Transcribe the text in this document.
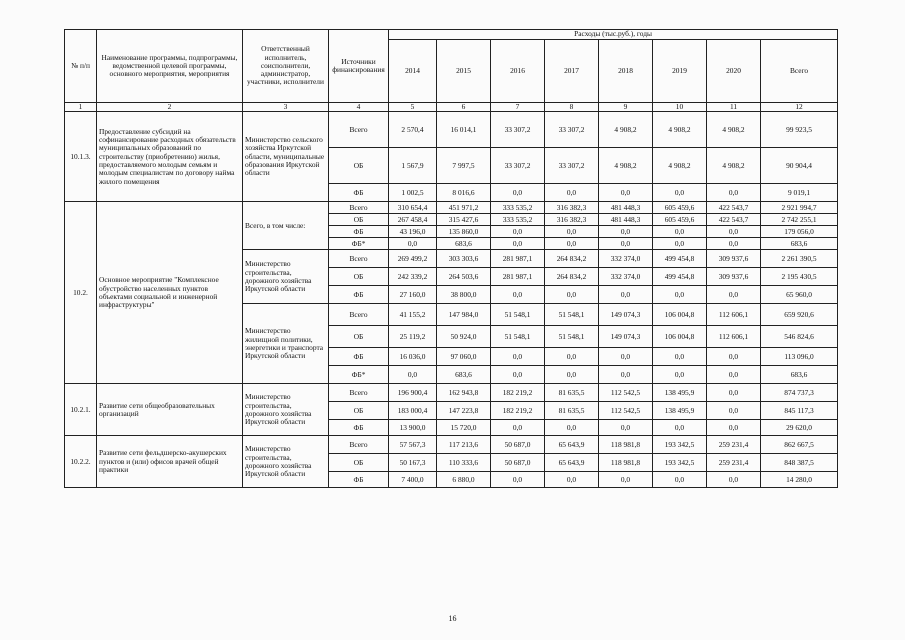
№ п/п	Наименование программы, подпрограммы, ведомственной целевой программы, основного мероприятия, мероприятия	Ответственный исполнитель, соисполнители, администратор, участники, исполнители	Источники финансирования	Расходы (тыс.руб.), годы							
				2014	2015	2016	2017	2018	2019	2020	Всего
1	2	3	4	5	6	7	8	9	10	11	12
10.1.3.	Предоставление субсидий на софинансирование расходных обязательств муниципальных образований по строительству (приобретению) жилья, предоставляемого молодым семьям и молодым специалистам по договору найма жилого помещения	Министерство сельского хозяйства Иркутской области, муниципальные образования Иркутской области	Всего	2 570,4	16 014,1	33 307,2	33 307,2	4 908,2	4 908,2	4 908,2	99 923,5
			ОБ	1 567,9	7 997,5	33 307,2	33 307,2	4 908,2	4 908,2	4 908,2	90 904,4
			ФБ	1 002,5	8 016,6	0,0	0,0	0,0	0,0	0,0	9 019,1
10.2.	Основное мероприятие "Комплексное обустройство населенных пунктов объектами социальной и инженерной инфраструктуры"	Всего, в том числе:	Всего	310 654,4	451 971,2	333 535,2	316 382,3	481 448,3	605 459,6	422 543,7	2 921 994,7
			ОБ	267 458,4	315 427,6	333 535,2	316 382,3	481 448,3	605 459,6	422 543,7	2 742 255,1
			ФБ	43 196,0	135 860,0	0,0	0,0	0,0	0,0	0,0	179 056,0
			ФБ*	0,0	683,6	0,0	0,0	0,0	0,0	0,0	683,6
		Министерство строительства, дорожного хозяйства Иркутской области	Всего	269 499,2	303 303,6	281 987,1	264 834,2	332 374,0	499 454,8	309 937,6	2 261 390,5
			ОБ	242 339,2	264 503,6	281 987,1	264 834,2	332 374,0	499 454,8	309 937,6	2 195 430,5
			ФБ	27 160,0	38 800,0	0,0	0,0	0,0	0,0	0,0	65 960,0
		Министерство жилищной политики, энергетики и транспорта Иркутской области	Всего	41 155,2	147 984,0	51 548,1	51 548,1	149 074,3	106 004,8	112 606,1	659 920,6
			ОБ	25 119,2	50 924,0	51 548,1	51 548,1	149 074,3	106 004,8	112 606,1	546 824,6
			ФБ	16 036,0	97 060,0	0,0	0,0	0,0	0,0	0,0	113 096,0
			ФБ*	0,0	683,6	0,0	0,0	0,0	0,0	0,0	683,6
10.2.1.	Развитие сети общеобразовательных организаций	Министерство строительства, дорожного хозяйства Иркутской области	Всего	196 900,4	162 943,8	182 219,2	81 635,5	112 542,5	138 495,9	0,0	874 737,3
			ОБ	183 000,4	147 223,8	182 219,2	81 635,5	112 542,5	138 495,9	0,0	845 117,3
			ФБ	13 900,0	15 720,0	0,0	0,0	0,0	0,0	0,0	29 620,0
10.2.2.	Развитие сети фельдшерско-акушерских пунктов и (или) офисов врачей общей практики	Министерство строительства, дорожного хозяйства Иркутской области	Всего	57 567,3	117 213,6	50 687,0	65 643,9	118 981,8	193 342,5	259 231,4	862 667,5
			ОБ	50 167,3	110 333,6	50 687,0	65 643,9	118 981,8	193 342,5	259 231,4	848 387,5
			ФБ	7 400,0	6 880,0	0,0	0,0	0,0	0,0	0,0	14 280,0
16
